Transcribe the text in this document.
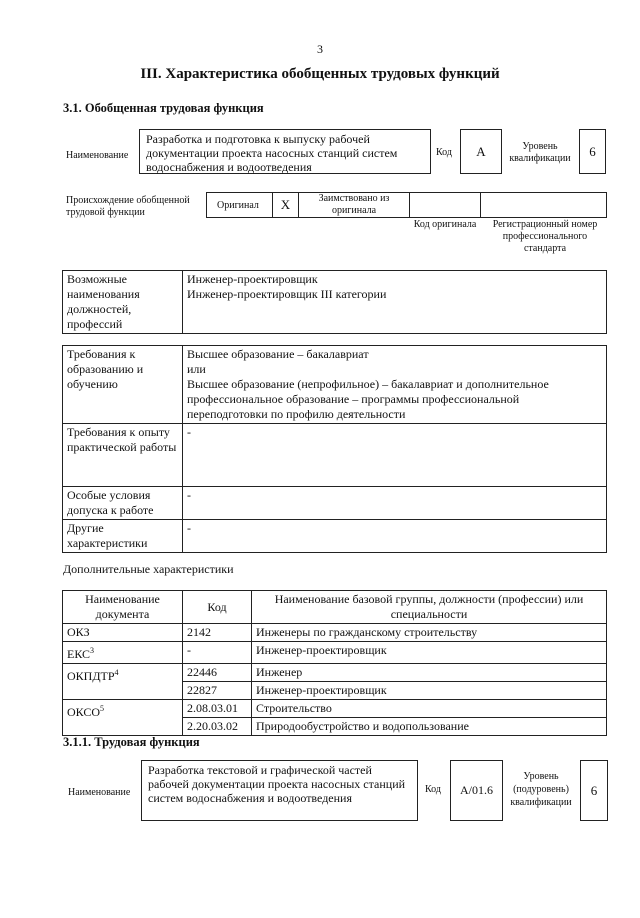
3
III. Характеристика обобщенных трудовых функций
3.1. Обобщенная трудовая функция
Наименование
Разработка и подготовка к выпуску рабочей документации проекта насосных станций систем водоснабжения и водоотведения
Код	А	Уровень квалификации	6
Происхождение обобщенной трудовой функции
Оригинал	Х	Заимствовано из оригинала
Код оригинала	Регистрационный номер профессионального стандарта
Возможные наименования должностей, профессий	
Инженер-проектировщик
Инженер-проектировщик III категории
Требования к образованию и обучению	Высшее образование – бакалавриат
или
Высшее образование (непрофильное) – бакалавриат и дополнительное профессиональное образование – программы профессиональной переподготовки по профилю деятельности
Требования к опыту практической работы	-
Особые условия допуска к работе	-
Другие характеристики	-
Дополнительные характеристики
Наименование документа	Код	Наименование базовой группы, должности (профессии) или специальности
ОКЗ	2142	Инженеры по гражданскому строительству
ЕКС$^3$	-	Инженер-проектировщик
ОКПДТР$^4$	22446	Инженер
	22827	Инженер-проектировщик
ОКСО$^5$	2.08.03.01	Строительство
	2.20.03.02	Природообустройство и водопользование
3.1.1. Трудовая функция
Наименование
Разработка текстовой и графической частей рабочей документации проекта насосных станций систем водоснабжения и водоотведения
Код	A/01.6
Уровень (подуровень) квалификации
6
